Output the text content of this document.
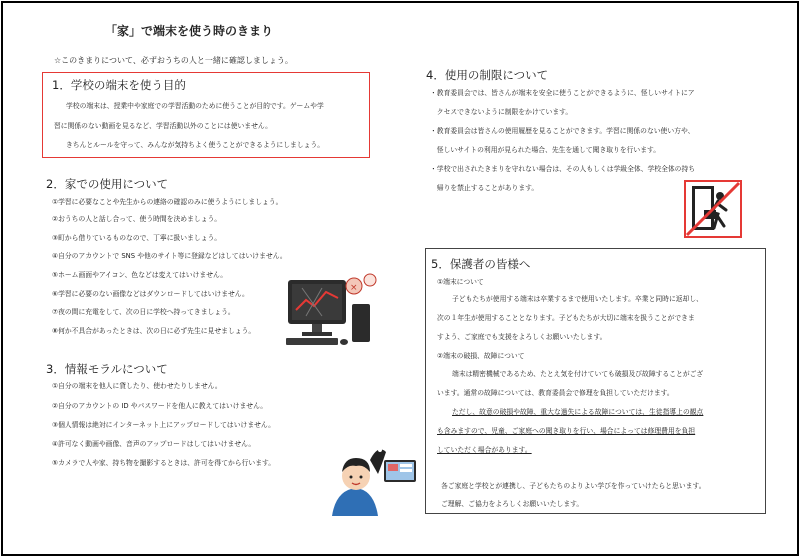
「家」で端末を使う時のきまり
☆このきまりについて、必ずおうちの人と一緒に確認しましょう。
1．学校の端末を使う目的
学校の端末は、授業中や家庭での学習活動のために使うことが目的です。ゲームや学
習に関係のない動画を見るなど、学習活動以外のことには使いません。
きちんとルールを守って、みんなが気持ちよく使うことができるようにしましょう。
2．家での使用について
①学習に必要なことや先生からの連絡の確認のみに使うようにしましょう。
②おうちの人と話し合って、使う時間を決めましょう。
③町から借りているものなので、丁寧に扱いましょう。
④自分のアカウントで SNS や他のサイト等に登録などはしてはいけません。
⑤ホーム画面やアイコン、色などは変えてはいけません。
⑥学習に必要のない画像などはダウンロードしてはいけません。
⑦夜の間に充電をして、次の日に学校へ持ってきましょう。
⑧何か不具合があったときは、次の日に必ず先生に見せましょう。
×
3．情報モラルについて
①自分の端末を他人に貸したり、使わせたりしません。
②自分のアカウントの ID やパスワードを他人に教えてはいけません。
③個人情報は絶対にインターネット上にアップロードしてはいけません。
④許可なく動画や画像、音声のアップロードはしてはいけません。
⑤カメラで人や家、持ち物を撮影するときは、許可を得てから行います。
4．使用の制限について
・教育委員会では、皆さんが端末を安全に使うことができるように、怪しいサイトにア
　クセスできないように制限をかけています。
・教育委員会は皆さんの使用履歴を見ることができます。学習に関係のない使い方や、
　怪しいサイトの利用が見られた場合、先生を通して聞き取りを行います。
・学校で出されたきまりを守れない場合は、その人もしくは学級全体、学校全体の持ち
　帰りを禁止することがあります。
5．保護者の皆様へ
①端末について
子どもたちが使用する端末は卒業するまで使用いたします。卒業と同時に返却し、
次の１年生が使用することとなります。子どもたちが大切に端末を扱うことができま
すよう、ご家庭でも支援をよろしくお願いいたします。
②端末の破損、故障について
端末は精密機械であるため、たとえ気を付けていても破損及び故障することがござ
います。通常の故障については、教育委員会で修理を負担していただけます。
ただし、故意の破損や故障、重大な過失による故障については、生徒指導上の観点
も含みますので、児童、ご家庭への聞き取りを行い、場合によっては修理費用を負担
していただく場合があります。
各ご家庭と学校とが連携し、子どもたちのよりよい学びを作っていけたらと思います。
ご理解、ご協力をよろしくお願いいたします。
